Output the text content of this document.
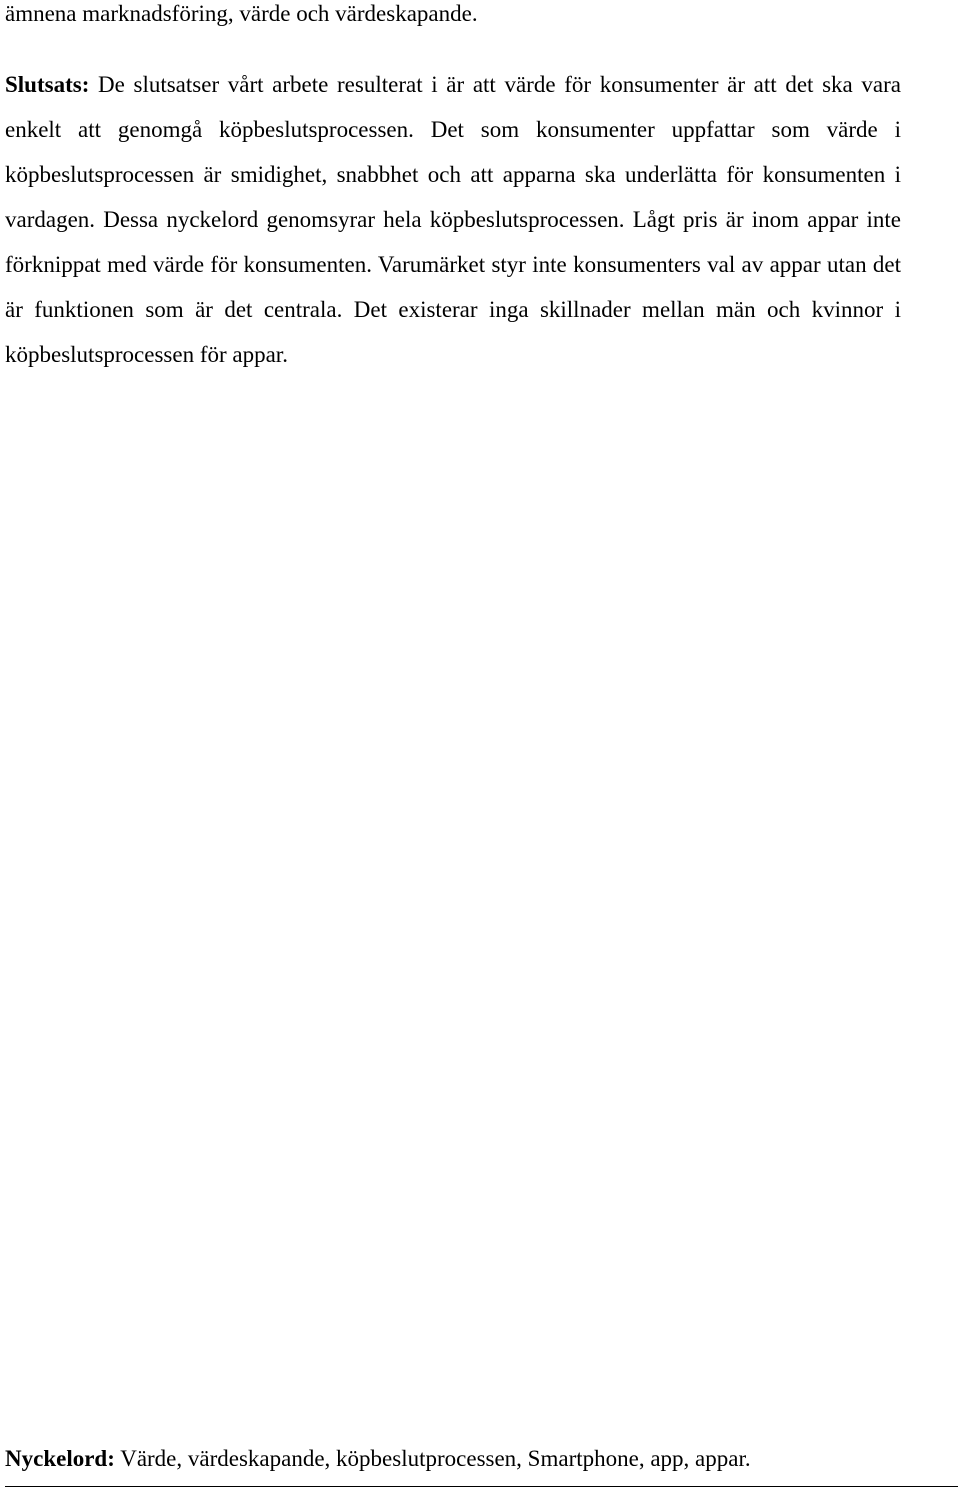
ämnena marknadsföring, värde och värdeskapande.

Slutsats: De slutsatser vårt arbete resulterat i är att värde för konsumenter är att det ska vara enkelt att genomgå köpbeslutsprocessen. Det som konsumenter uppfattar som värde i köpbeslutsprocessen är smidighet, snabbhet och att apparna ska underlätta för konsumenten i vardagen. Dessa nyckelord genomsyrar hela köpbeslutsprocessen. Lågt pris är inom appar inte förknippat med värde för konsumenten. Varumärket styr inte konsumenters val av appar utan det är funktionen som är det centrala. Det existerar inga skillnader mellan män och kvinnor i köpbeslutsprocessen för appar.

Nyckelord: Värde, värdeskapande, köpbeslutprocessen, Smartphone, app, appar.
